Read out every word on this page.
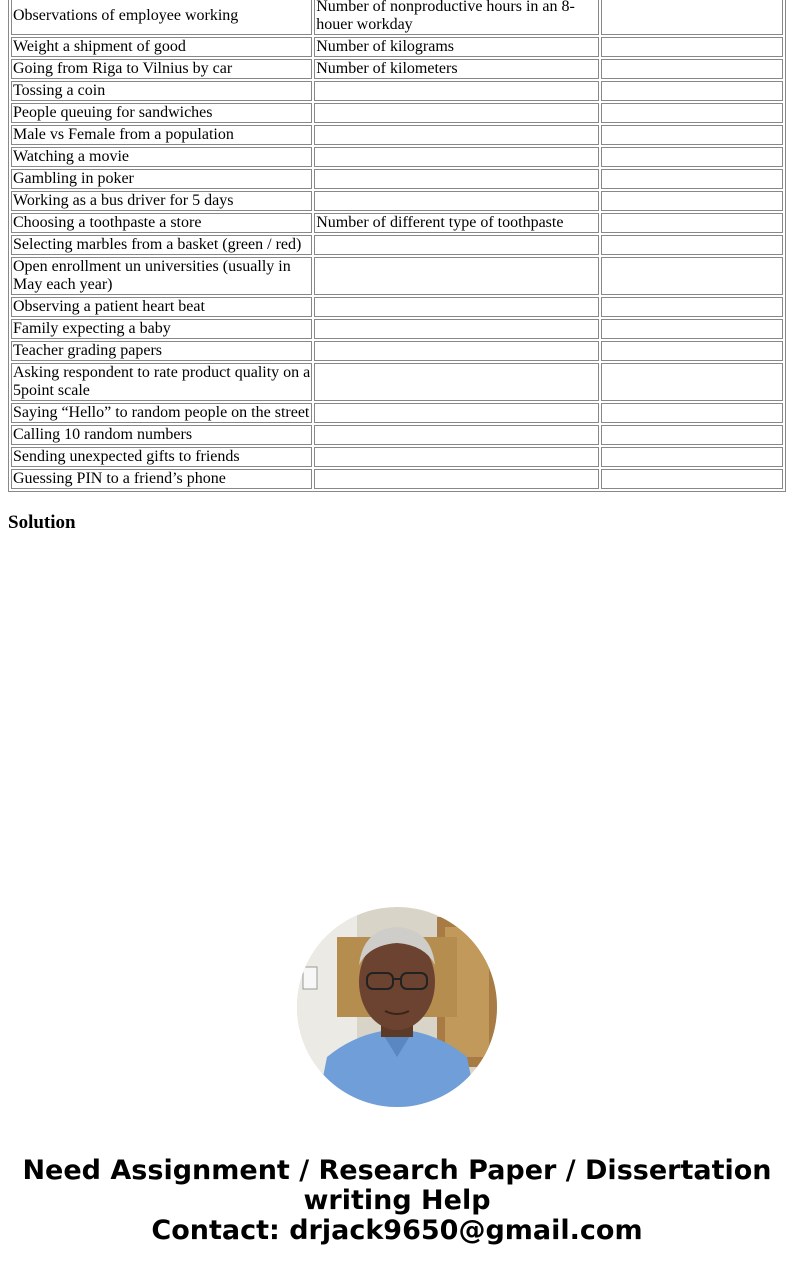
Observations of employee working	Number of nonproductive hours in an 8-houer workday	
Weight a shipment of good	Number of kilograms	
Going from Riga to Vilnius by car	Number of kilometers	
Tossing a coin		
People queuing for sandwiches		
Male vs Female from a population		
Watching a movie		
Gambling in poker		
Working as a bus driver for 5 days		
Choosing a toothpaste a store	Number of different type of toothpaste	
Selecting marbles from a basket (green / red)		
Open enrollment un universities (usually in May each year)		
Observing a patient heart beat		
Family expecting a baby		
Teacher grading papers		
Asking respondent to rate product quality on a 5point scale		
Saying “Hello” to random people on the street		
Calling 10 random numbers		
Sending unexpected gifts to friends		
Guessing PIN to a friend’s phone		
Solution

Need Assignment / Research Paper / Dissertation
writing Help
Contact: drjack9650@gmail.com
